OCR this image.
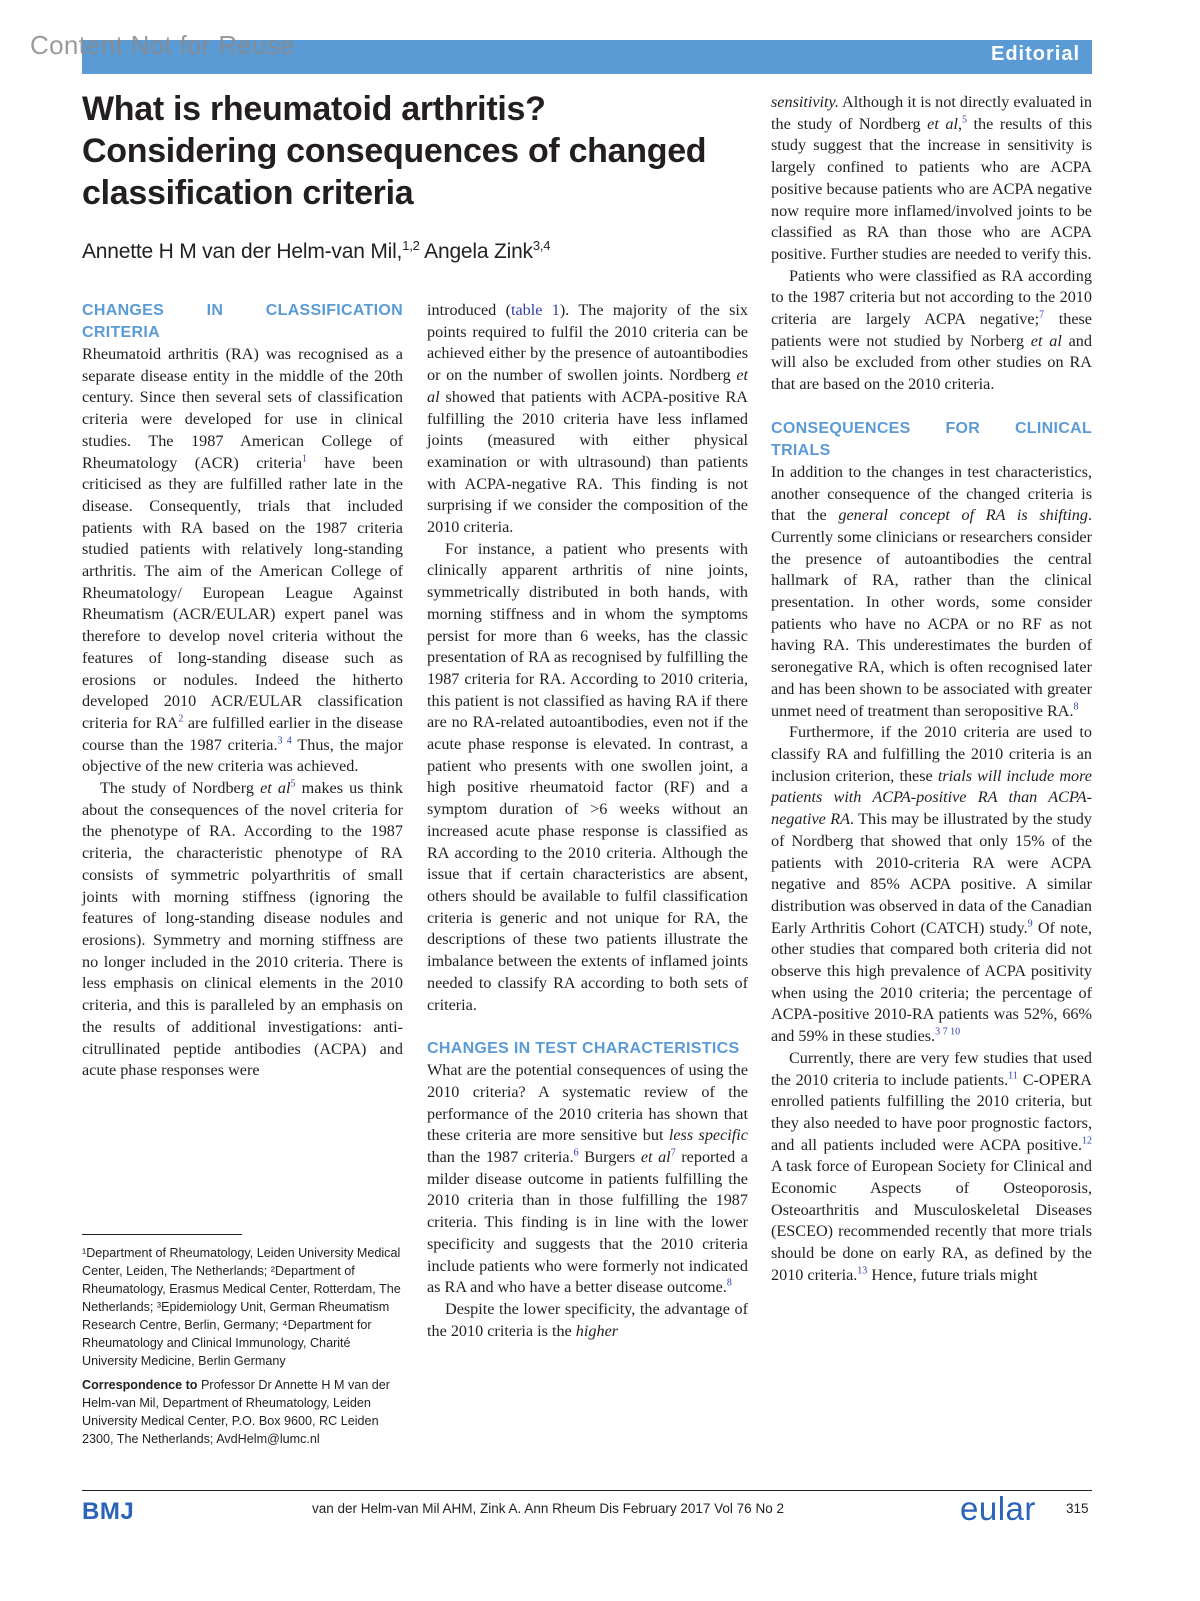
Content Not for Reuse	Editorial
What is rheumatoid arthritis? Considering consequences of changed classification criteria
Annette H M van der Helm-van Mil,$^{1,2}$ Angela Zink$^{3,4}$
CHANGES IN CLASSIFICATION CRITERIA

Rheumatoid arthritis (RA) was recognised as a separate disease entity in the middle of the 20th century. Since then several sets of classification criteria were developed for use in clinical studies. The 1987 American College of Rheumatology (ACR) criteria$^1$ have been criticised as they are fulfilled rather late in the disease. Consequently, trials that included patients with RA based on the 1987 criteria studied patients with relatively long-standing arthritis. The aim of the American College of Rheumatology/ European League Against Rheumatism (ACR/EULAR) expert panel was therefore to develop novel criteria without the features of long-standing disease such as erosions or nodules. Indeed the hitherto developed 2010 ACR/EULAR classification criteria for RA$^2$ are fulfilled earlier in the disease course than the 1987 criteria.$^{3 4}$ Thus, the major objective of the new criteria was achieved.

The study of Nordberg et al$^5$ makes us think about the consequences of the novel criteria for the phenotype of RA. According to the 1987 criteria, the characteristic phenotype of RA consists of symmetric polyarthritis of small joints with morning stiffness (ignoring the features of long-standing disease nodules and erosions). Symmetry and morning stiffness are no longer included in the 2010 criteria. There is less emphasis on clinical elements in the 2010 criteria, and this is paralleled by an emphasis on the results of additional investigations: anti-citrullinated peptide antibodies (ACPA) and acute phase responses were

¹Department of Rheumatology, Leiden University Medical Center, Leiden, The Netherlands; ²Department of Rheumatology, Erasmus Medical Center, Rotterdam, The Netherlands; ³Epidemiology Unit, German Rheumatism Research Centre, Berlin, Germany; ⁴Department for Rheumatology and Clinical Immunology, Charité University Medicine, Berlin Germany

Correspondence to Professor Dr Annette H M van der Helm-van Mil, Department of Rheumatology, Leiden University Medical Center, P.O. Box 9600, RC Leiden 2300, The Netherlands; AvdHelm@lumc.nl

introduced (table 1). The majority of the six points required to fulfil the 2010 criteria can be achieved either by the presence of autoantibodies or on the number of swollen joints. Nordberg et al showed that patients with ACPA-positive RA fulfilling the 2010 criteria have less inflamed joints (measured with either physical examination or with ultrasound) than patients with ACPA-negative RA. This finding is not surprising if we consider the composition of the 2010 criteria.

For instance, a patient who presents with clinically apparent arthritis of nine joints, symmetrically distributed in both hands, with morning stiffness and in whom the symptoms persist for more than 6 weeks, has the classic presentation of RA as recognised by fulfilling the 1987 criteria for RA. According to 2010 criteria, this patient is not classified as having RA if there are no RA-related autoantibodies, even not if the acute phase response is elevated. In contrast, a patient who presents with one swollen joint, a high positive rheumatoid factor (RF) and a symptom duration of >6 weeks without an increased acute phase response is classified as RA according to the 2010 criteria. Although the issue that if certain characteristics are absent, others should be available to fulfil classification criteria is generic and not unique for RA, the descriptions of these two patients illustrate the imbalance between the extents of inflamed joints needed to classify RA according to both sets of criteria.

CHANGES IN TEST CHARACTERISTICS

What are the potential consequences of using the 2010 criteria? A systematic review of the performance of the 2010 criteria has shown that these criteria are more sensitive but less specific than the 1987 criteria.$^6$ Burgers et al$^7$ reported a milder disease outcome in patients fulfilling the 2010 criteria than in those fulfilling the 1987 criteria. This finding is in line with the lower specificity and suggests that the 2010 criteria include patients who were formerly not indicated as RA and who have a better disease outcome.$^8$

Despite the lower specificity, the advantage of the 2010 criteria is the higher

sensitivity. Although it is not directly evaluated in the study of Nordberg et al,$^5$ the results of this study suggest that the increase in sensitivity is largely confined to patients who are ACPA positive because patients who are ACPA negative now require more inflamed/involved joints to be classified as RA than those who are ACPA positive. Further studies are needed to verify this.

Patients who were classified as RA according to the 1987 criteria but not according to the 2010 criteria are largely ACPA negative;$^7$ these patients were not studied by Norberg et al and will also be excluded from other studies on RA that are based on the 2010 criteria.

CONSEQUENCES FOR CLINICAL TRIALS

In addition to the changes in test characteristics, another consequence of the changed criteria is that the general concept of RA is shifting. Currently some clinicians or researchers consider the presence of autoantibodies the central hallmark of RA, rather than the clinical presentation. In other words, some consider patients who have no ACPA or no RF as not having RA. This underestimates the burden of seronegative RA, which is often recognised later and has been shown to be associated with greater unmet need of treatment than seropositive RA.$^8$

Furthermore, if the 2010 criteria are used to classify RA and fulfilling the 2010 criteria is an inclusion criterion, these trials will include more patients with ACPA-positive RA than ACPA-negative RA. This may be illustrated by the study of Nordberg that showed that only 15% of the patients with 2010-criteria RA were ACPA negative and 85% ACPA positive. A similar distribution was observed in data of the Canadian Early Arthritis Cohort (CATCH) study.$^9$ Of note, other studies that compared both criteria did not observe this high prevalence of ACPA positivity when using the 2010 criteria; the percentage of ACPA-positive 2010-RA patients was 52%, 66% and 59% in these studies.$^{3 7 10}$

Currently, there are very few studies that used the 2010 criteria to include patients.$^{11}$ C-OPERA enrolled patients fulfilling the 2010 criteria, but they also needed to have poor prognostic factors, and all patients included were ACPA positive.$^{12}$ A task force of European Society for Clinical and Economic Aspects of Osteoporosis, Osteoarthritis and Musculoskeletal Diseases (ESCEO) recommended recently that more trials should be done on early RA, as defined by the 2010 criteria.$^{13}$ Hence, future trials might

BMJ	van der Helm-van Mil AHM, Zink A. Ann Rheum Dis February 2017 Vol 76 No 2	eular 315
